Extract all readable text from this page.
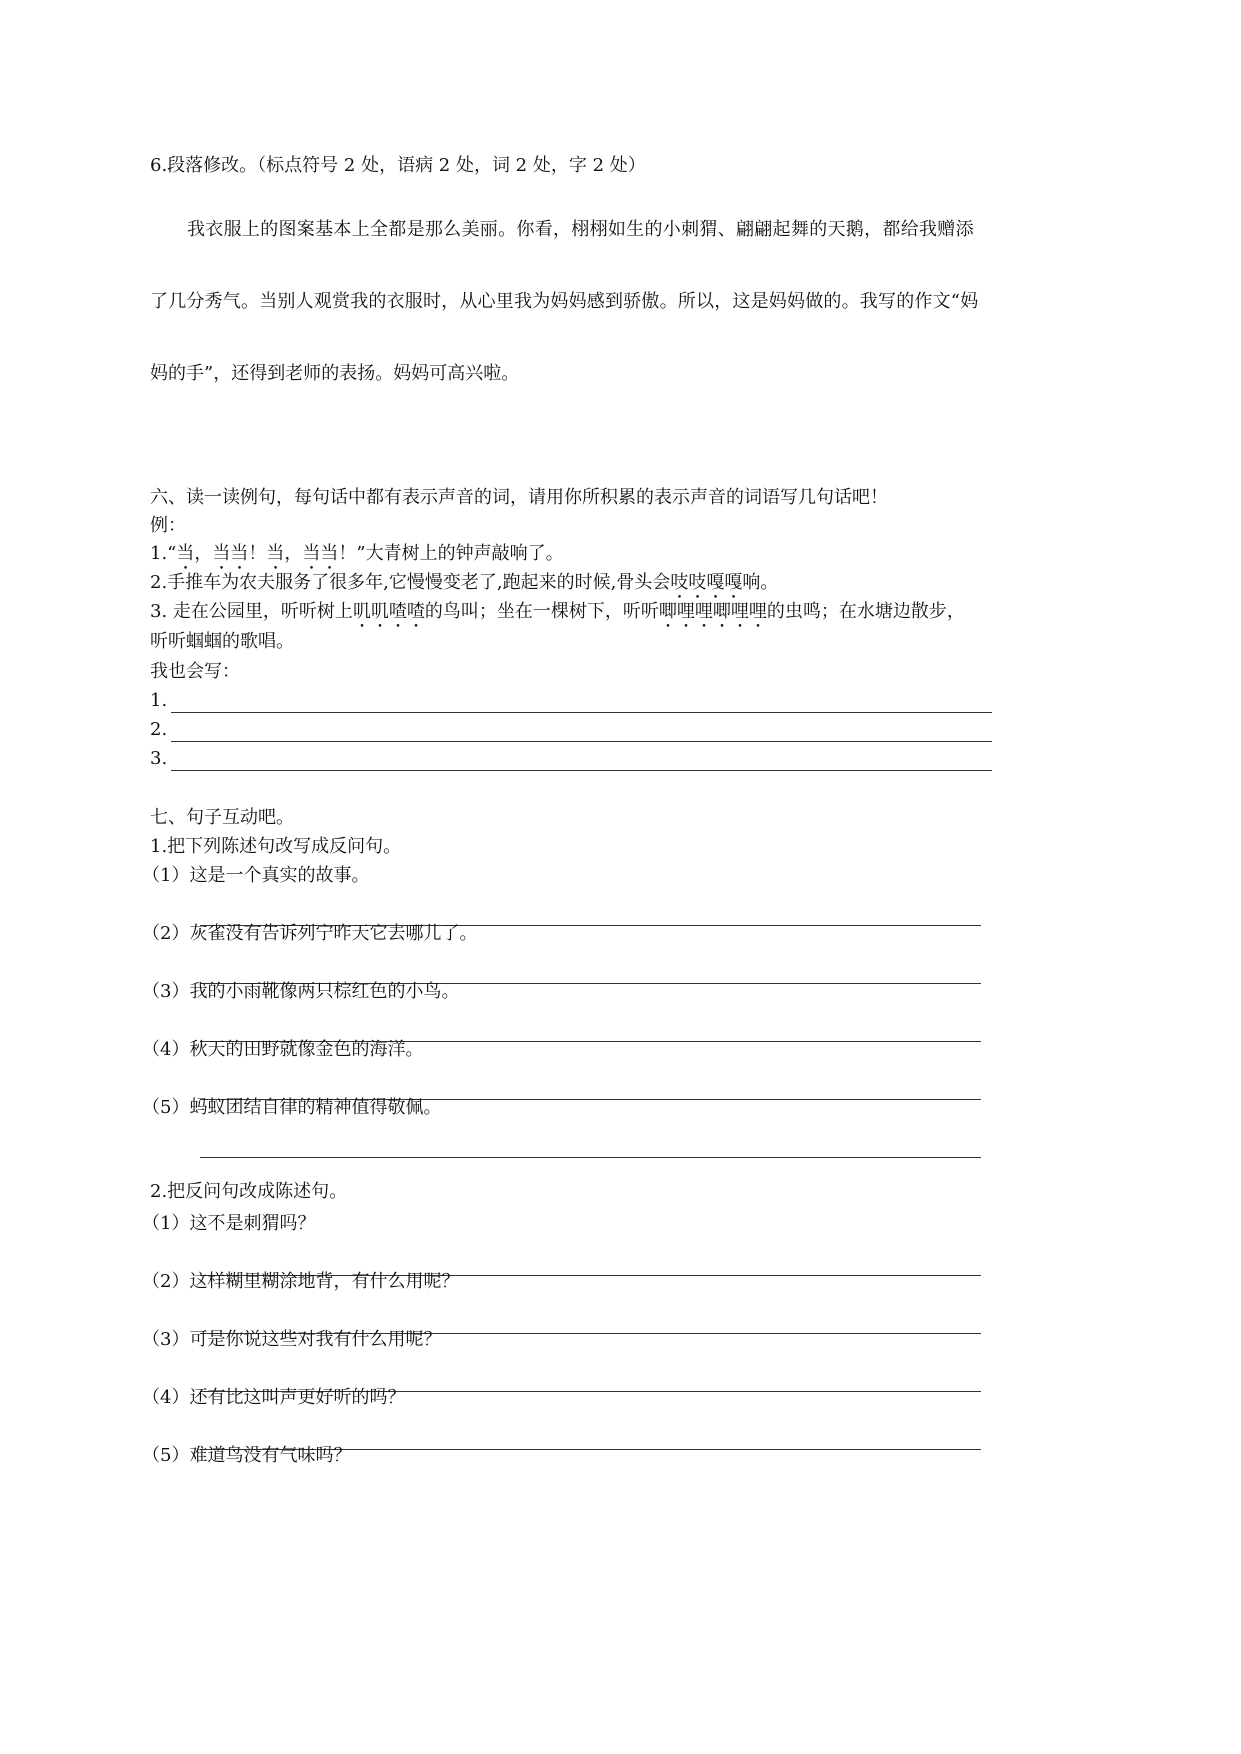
6.段落修改。（标点符号 2 处，语病 2 处，词 2 处，字 2 处）
我衣服上的图案基本上全都是那么美丽。你看，栩栩如生的小刺猬、翩翩起舞的天鹅，都给我赠添
了几分秀气。当别人观赏我的衣服时，从心里我为妈妈感到骄傲。所以，这是妈妈做的。我写的作文“妈
妈的手”，还得到老师的表扬。妈妈可高兴啦。
六、读一读例句，每句话中都有表示声音的词，请用你所积累的表示声音的词语写几句话吧！
例：
1.“当，当当！当，当当！”大青树上的钟声敲响了。
2.手推车为农夫服务了很多年,它慢慢变老了,跑起来的时候,骨头会吱吱嘎嘎响。
3. 走在公园里，听听树上叽叽喳喳的鸟叫；坐在一棵树下，听听唧哩哩唧哩哩的虫鸣；在水塘边散步，
听听蝈蝈的歌唱。
我也会写：
1.
2.
3.
七、句子互动吧。
1.把下列陈述句改写成反问句。
（1）这是一个真实的故事。
（2）灰雀没有告诉列宁昨天它去哪儿了。
（3）我的小雨靴像两只棕红色的小鸟。
（4）秋天的田野就像金色的海洋。
（5）蚂蚁团结自律的精神值得敬佩。
2.把反问句改成陈述句。
（1）这不是刺猬吗？
（2）这样糊里糊涂地背，有什么用呢？
（3）可是你说这些对我有什么用呢？
（4）还有比这叫声更好听的吗？
（5）难道鸟没有气味吗？
